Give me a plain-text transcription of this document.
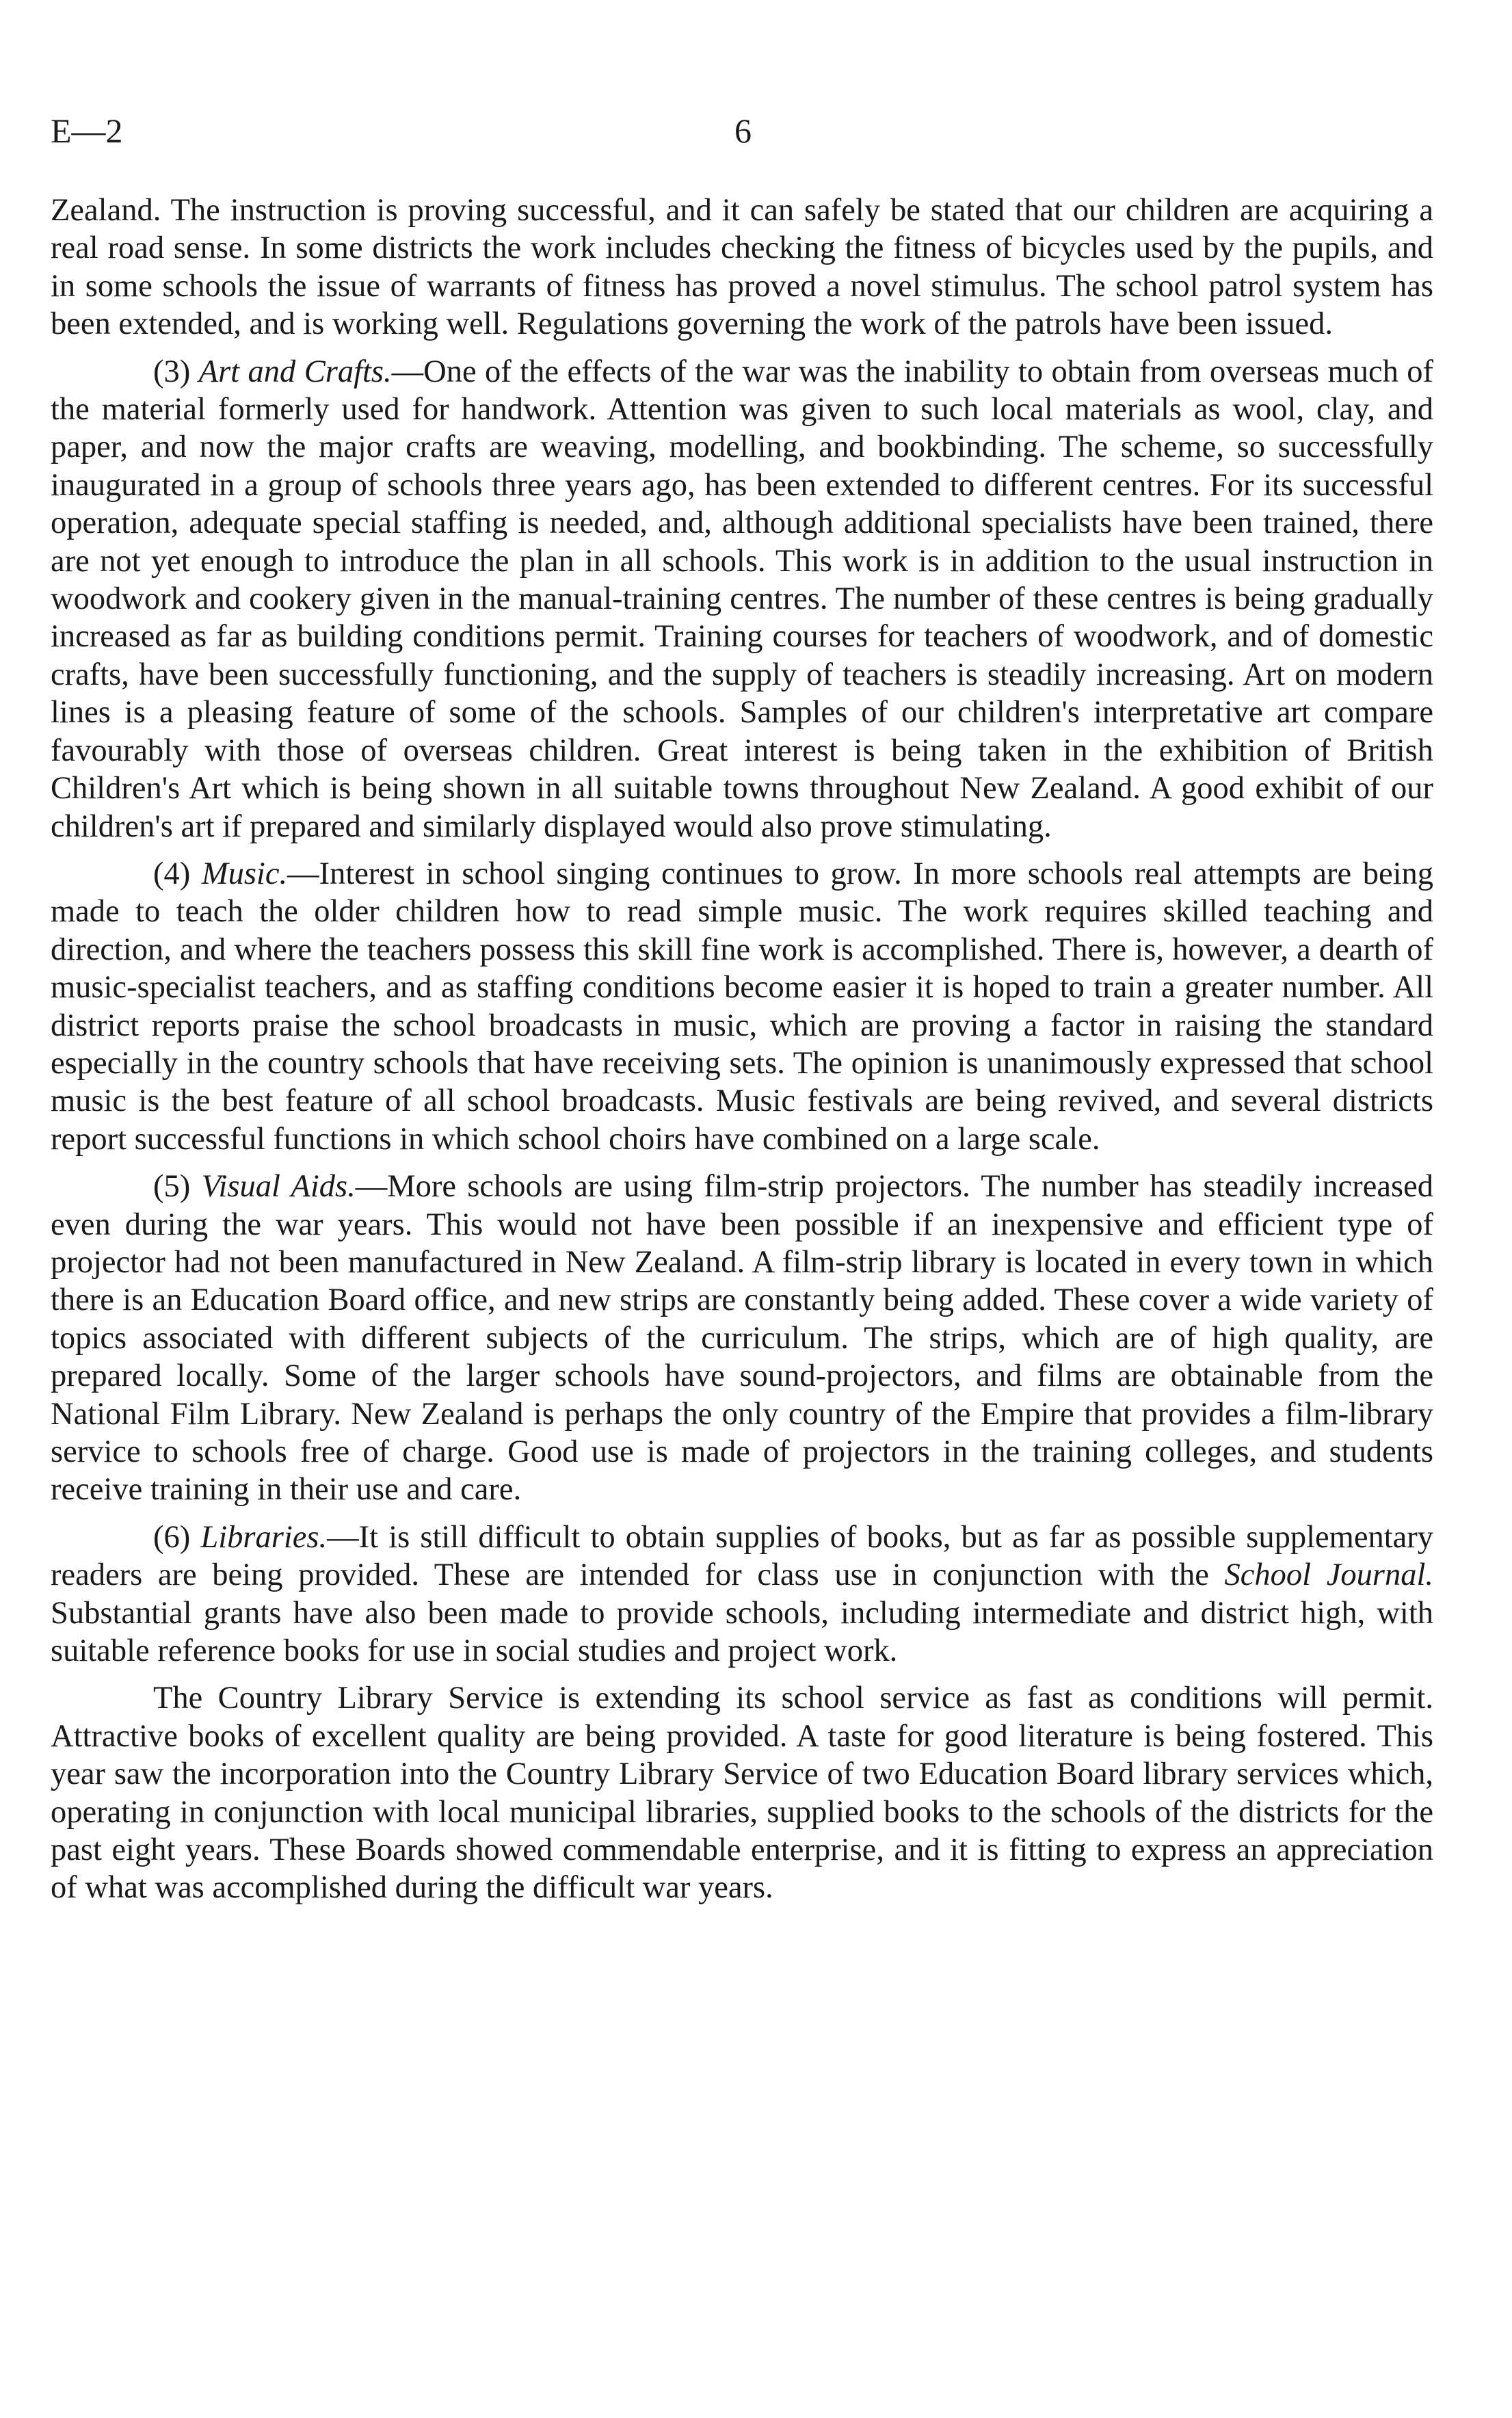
E—2	6

Zealand. The instruction is proving successful, and it can safely be stated that our children are acquiring a real road sense. In some districts the work includes checking the fitness of bicycles used by the pupils, and in some schools the issue of warrants of fitness has proved a novel stimulus. The school patrol system has been extended, and is working well. Regulations governing the work of the patrols have been issued.

(3) Art and Crafts.—One of the effects of the war was the inability to obtain from overseas much of the material formerly used for handwork. Attention was given to such local materials as wool, clay, and paper, and now the major crafts are weaving, modelling, and bookbinding. The scheme, so successfully inaugurated in a group of schools three years ago, has been extended to different centres. For its successful operation, adequate special staffing is needed, and, although additional specialists have been trained, there are not yet enough to introduce the plan in all schools. This work is in addition to the usual instruction in woodwork and cookery given in the manual-training centres. The number of these centres is being gradually increased as far as building conditions permit. Training courses for teachers of woodwork, and of domestic crafts, have been successfully functioning, and the supply of teachers is steadily increasing. Art on modern lines is a pleasing feature of some of the schools. Samples of our children's interpretative art compare favourably with those of overseas children. Great interest is being taken in the exhibition of British Children's Art which is being shown in all suitable towns throughout New Zealand. A good exhibit of our children's art if prepared and similarly displayed would also prove stimulating.

(4) Music.—Interest in school singing continues to grow. In more schools real attempts are being made to teach the older children how to read simple music. The work requires skilled teaching and direction, and where the teachers possess this skill fine work is accomplished. There is, however, a dearth of music-specialist teachers, and as staffing conditions become easier it is hoped to train a greater number. All district reports praise the school broadcasts in music, which are proving a factor in raising the standard especially in the country schools that have receiving sets. The opinion is unanimously expressed that school music is the best feature of all school broadcasts. Music festivals are being revived, and several districts report successful functions in which school choirs have combined on a large scale.

(5) Visual Aids.—More schools are using film-strip projectors. The number has steadily increased even during the war years. This would not have been possible if an inexpensive and efficient type of projector had not been manufactured in New Zealand. A film-strip library is located in every town in which there is an Education Board office, and new strips are constantly being added. These cover a wide variety of topics associated with different subjects of the curriculum. The strips, which are of high quality, are prepared locally. Some of the larger schools have sound-projectors, and films are obtainable from the National Film Library. New Zealand is perhaps the only country of the Empire that provides a film-library service to schools free of charge. Good use is made of projectors in the training colleges, and students receive training in their use and care.

(6) Libraries.—It is still difficult to obtain supplies of books, but as far as possible supplementary readers are being provided. These are intended for class use in conjunction with the School Journal. Substantial grants have also been made to provide schools, including intermediate and district high, with suitable reference books for use in social studies and project work.

The Country Library Service is extending its school service as fast as conditions will permit. Attractive books of excellent quality are being provided. A taste for good literature is being fostered. This year saw the incorporation into the Country Library Service of two Education Board library services which, operating in conjunction with local municipal libraries, supplied books to the schools of the districts for the past eight years. These Boards showed commendable enterprise, and it is fitting to express an appreciation of what was accomplished during the difficult war years.
